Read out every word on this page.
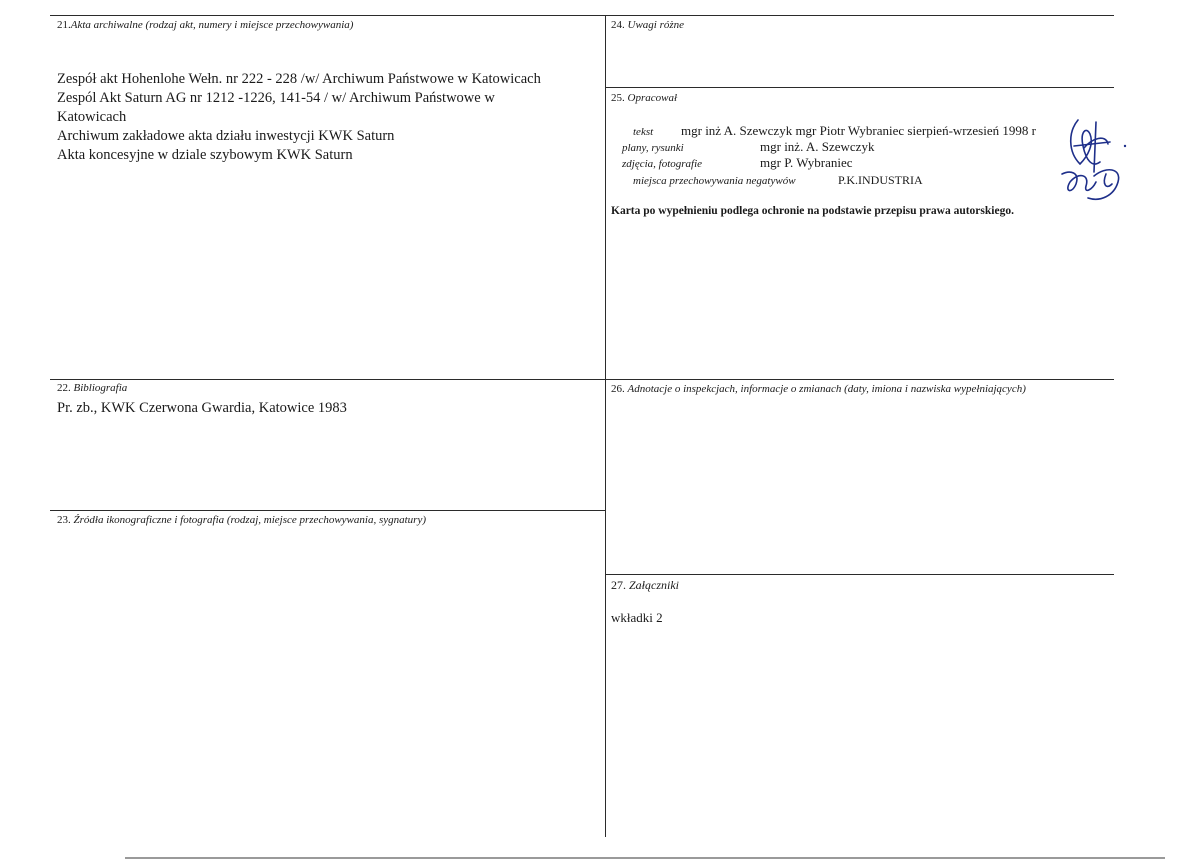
21.Akta archiwalne (rodzaj akt, numery i miejsce przechowywania)
Zespół akt Hohenlohe Wełn. nr 222 - 228 /w/ Archiwum Państwowe w Katowicach
Zespól Akt Saturn AG nr 1212 -1226, 141-54 / w/ Archiwum Państwowe w
Katowicach
Archiwum zakładowe akta działu inwestycji KWK Saturn
Akta koncesyjne w dziale szybowym KWK Saturn
22. Bibliografia
Pr. zb., KWK Czerwona Gwardia, Katowice 1983
23. Źródła ikonograficzne i fotografia (rodzaj, miejsce przechowywania, sygnatury)
24. Uwagi różne
25. Opracował
tekst mgr inż A. Szewczyk mgr Piotr Wybraniec sierpień-wrzesień 1998 r
plany, rysunki	mgr inż. A. Szewczyk
zdjęcia, fotografie	mgr P. Wybraniec
miejsca przechowywania negatywów	P.K.INDUSTRIA
Karta po wypełnieniu podlega ochronie na podstawie przepisu prawa autorskiego.
26. Adnotacje o inspekcjach, informacje o zmianach (daty, imiona i nazwiska wypełniających)
27. Załączniki
wkładki 2
